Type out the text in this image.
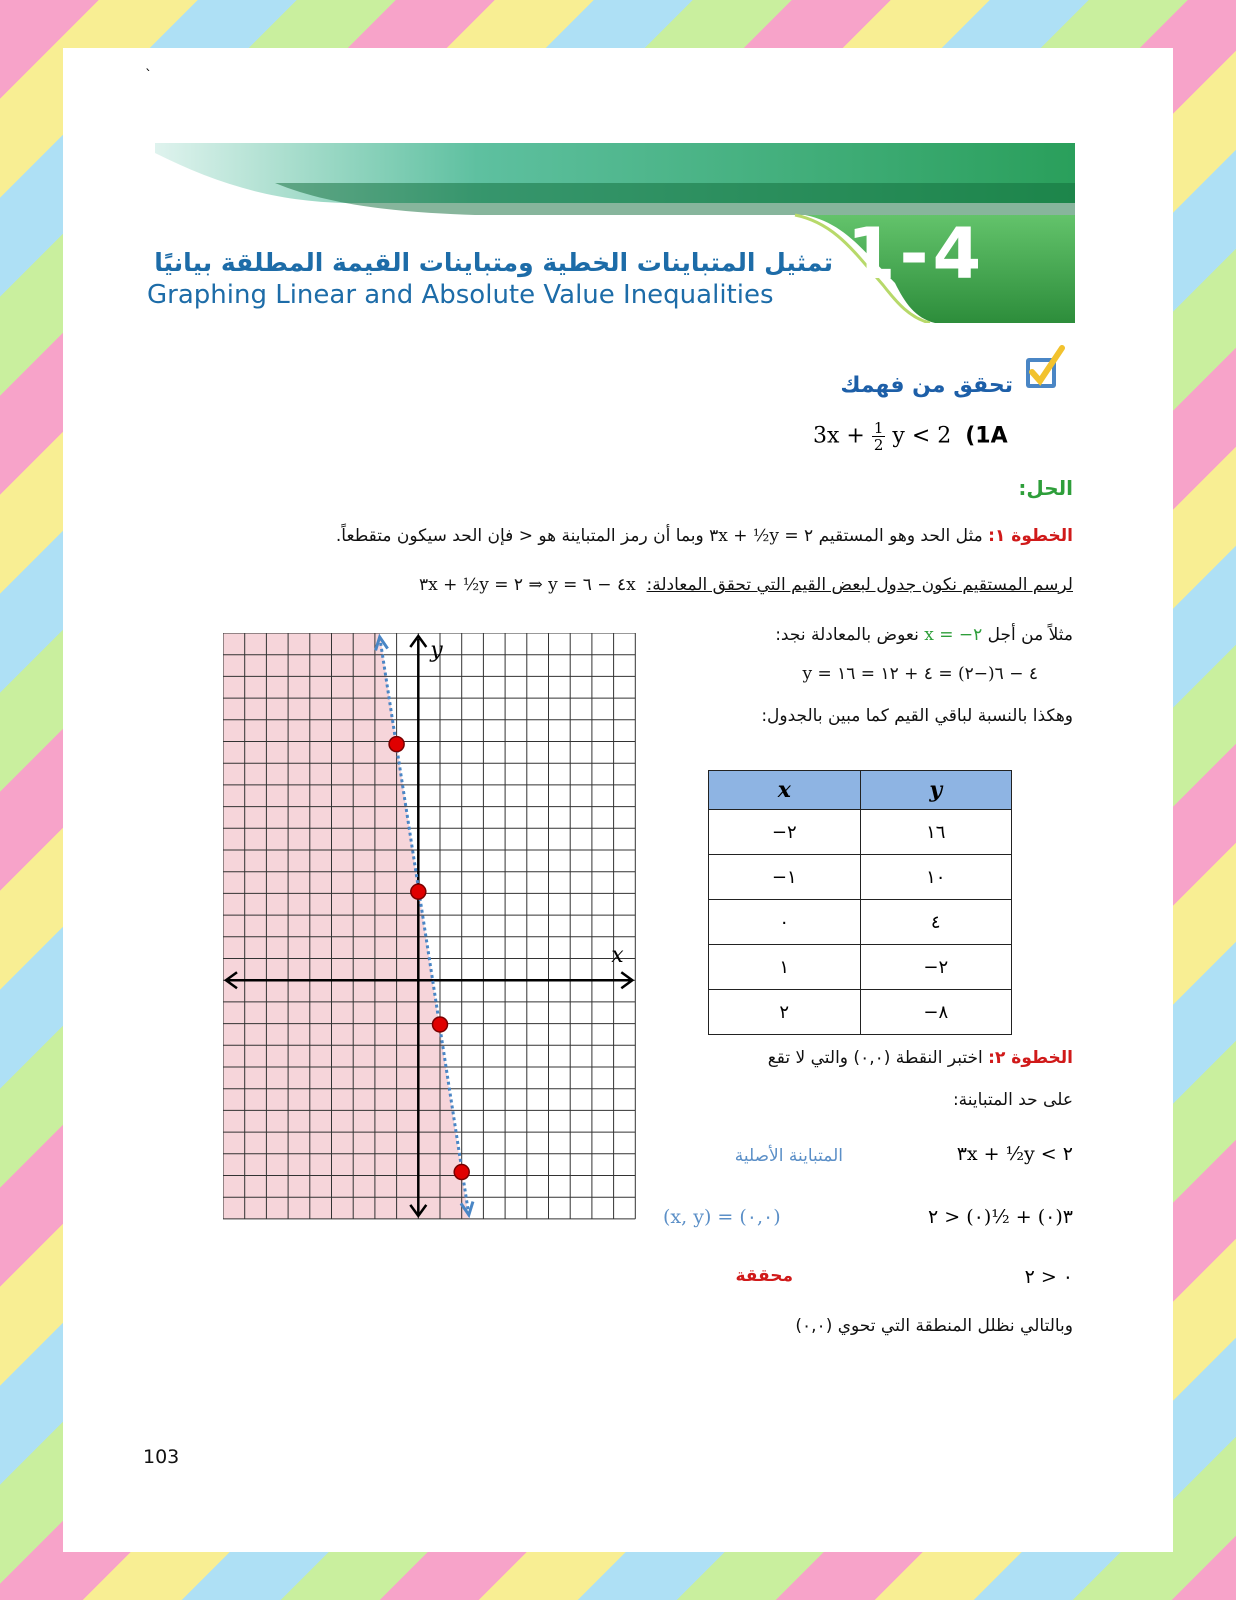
`
1-4
تمثيل المتباينات الخطية ومتباينات القيمة المطلقة بيانيًا
Graphing Linear and Absolute Value Inequalities
تحقق من فهمك
$3x + \frac{1}{2}$ y < 2 (1A
الحل:
الخطوة ١: مثل الحد وهو المستقيم ٣x + ½y = ٢ وبما أن رمز المتباينة هو < فإن الحد سيكون متقطعاً.
لرسم المستقيم نكون جدول لبعض القيم التي تحقق المعادلة:  ٣x + ½y = ٢ ⇒ y = ٤ − ٦x
مثلاً من أجل x = −٢ نعوض بالمعادلة نجد:
y = ٤ − ٦(−٢) = ٤ + ١٢ = ١٦
وهكذا بالنسبة لباقي القيم كما مبين بالجدول:
x	y
−٢	١٦
−١	١٠
٠	٤
١	−٢
٢	−٨
الخطوة ٢: اختبر النقطة (٠,٠) والتي لا تقع
على حد المتباينة:
المتباينة الأصلية	٣x + ½y < ٢
(x, y) = (٠,٠)	٣(٠) + ½(٠) < ٢
محققة	٠ < ٢
وبالتالي نظلل المنطقة التي تحوي (٠,٠)
x
y
103
